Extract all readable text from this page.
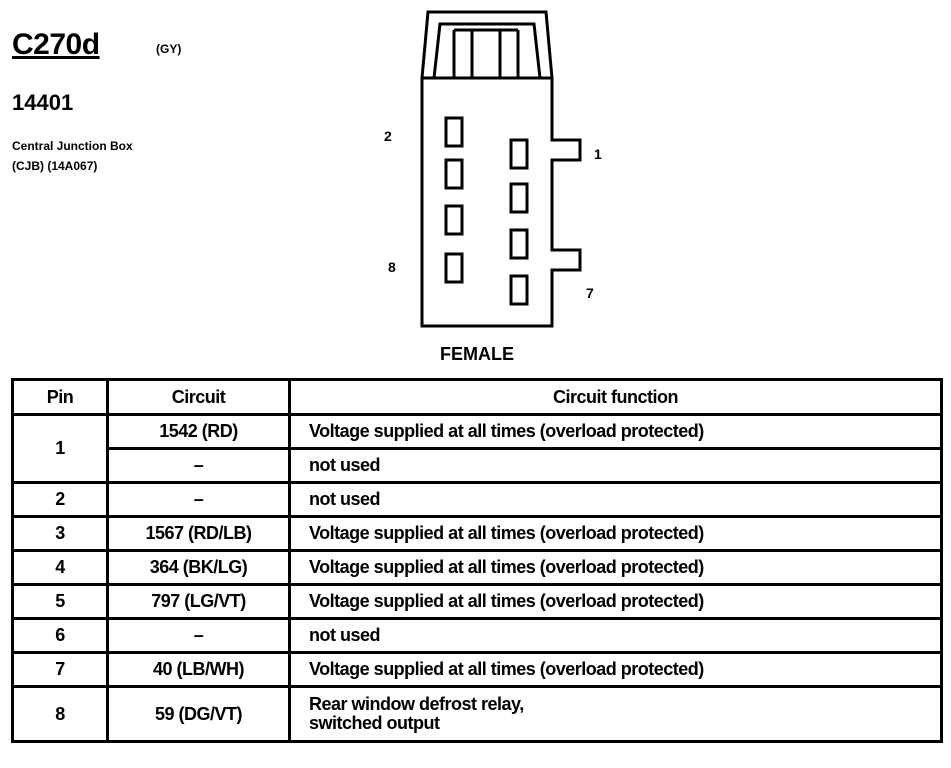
C270d	(GY)
14401
Central Junction Box
(CJB) (14A067)
2
1
8
7
FEMALE
Pin	Circuit	Circuit function
1	1542 (RD)	Voltage supplied at all times (overload protected)
	–	not used
2	–	not used
3	1567 (RD/LB)	Voltage supplied at all times (overload protected)
4	364 (BK/LG)	Voltage supplied at all times (overload protected)
5	797 (LG/VT)	Voltage supplied at all times (overload protected)
6	–	not used
7	40 (LB/WH)	Voltage supplied at all times (overload protected)
8	59 (DG/VT)	Rear window defrost relay,
switched output
